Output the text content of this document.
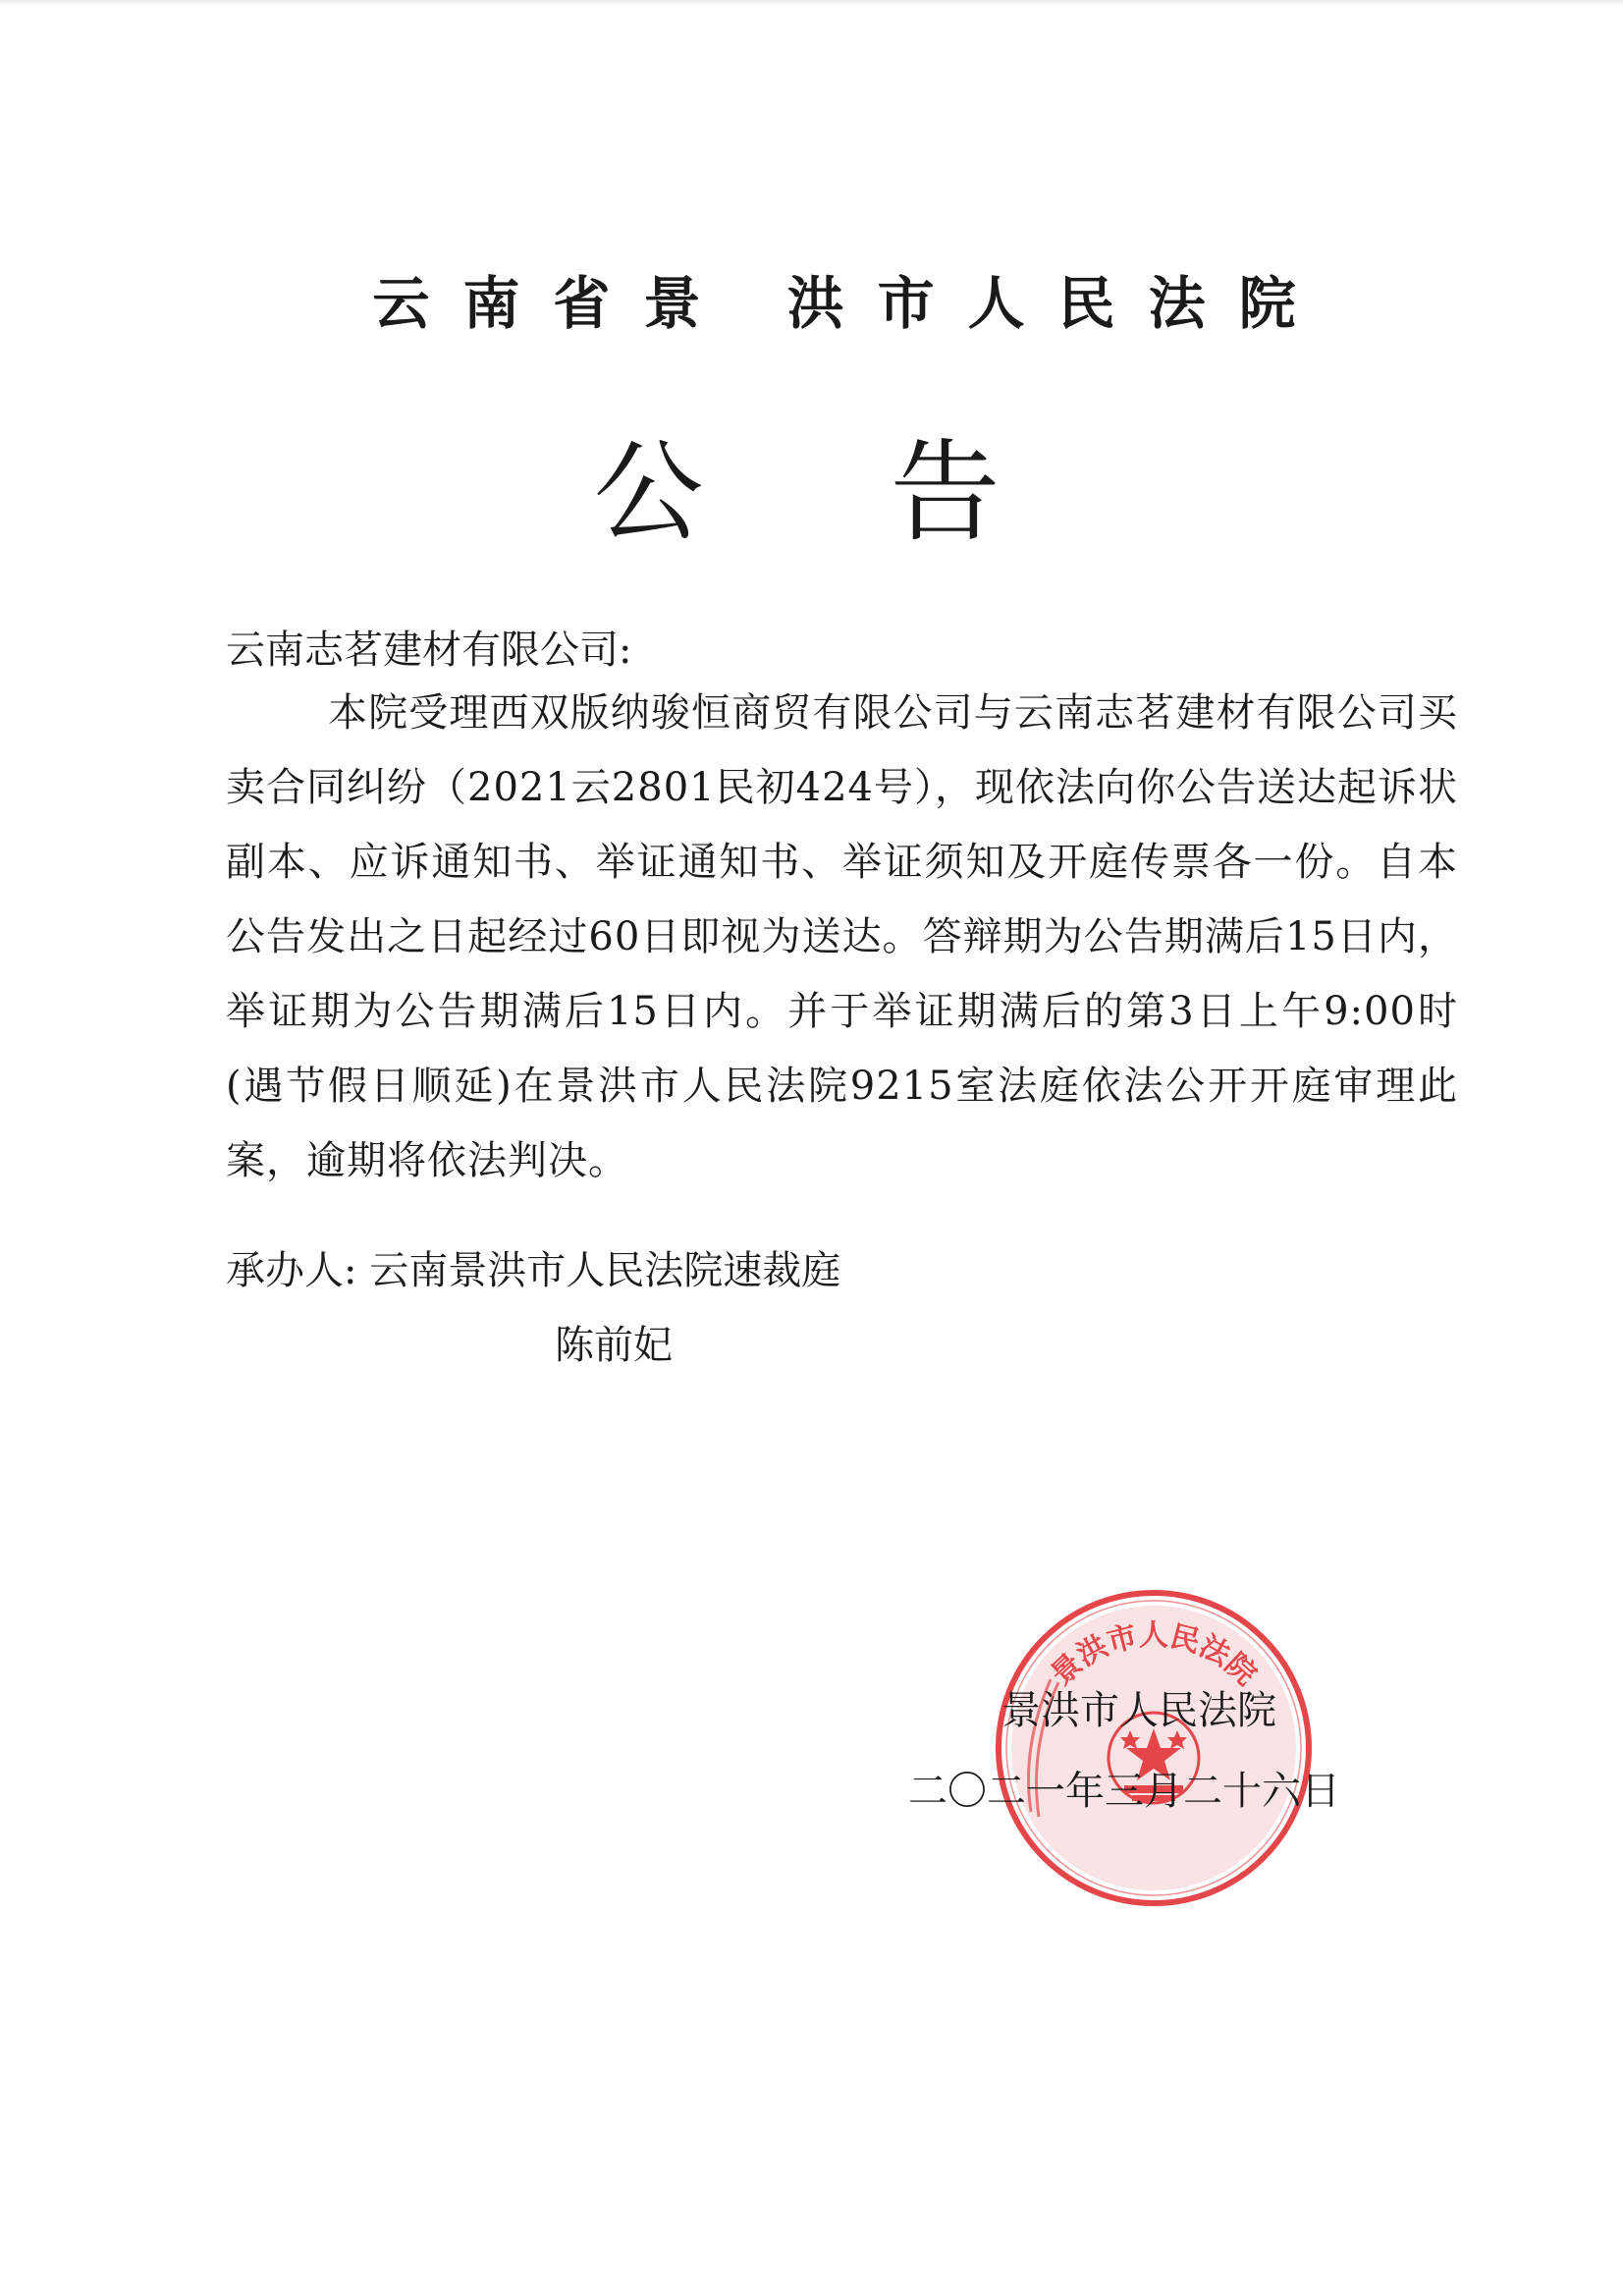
云南省景 洪市人民法院
公告
云南志茗建材有限公司:
本院受理西双版纳骏恒商贸有限公司与云南志茗建材有限公司买卖合同纠纷（2021云2801民初424号），现依法向你公告送达起诉状副本、应诉通知书、举证通知书、举证须知及开庭传票各一份。自本公告发出之日起经过60日即视为送达。答辩期为公告期满后15日内，举证期为公告期满后15日内。并于举证期满后的第3日上午9:00时(遇节假日顺延)在景洪市人民法院9215室法庭依法公开开庭审理此案，逾期将依法判决。
承办人: 云南景洪市人民法院速裁庭
陈前妃
景洪市人民法院
景洪市人民法院
二〇二一年三月二十六日
